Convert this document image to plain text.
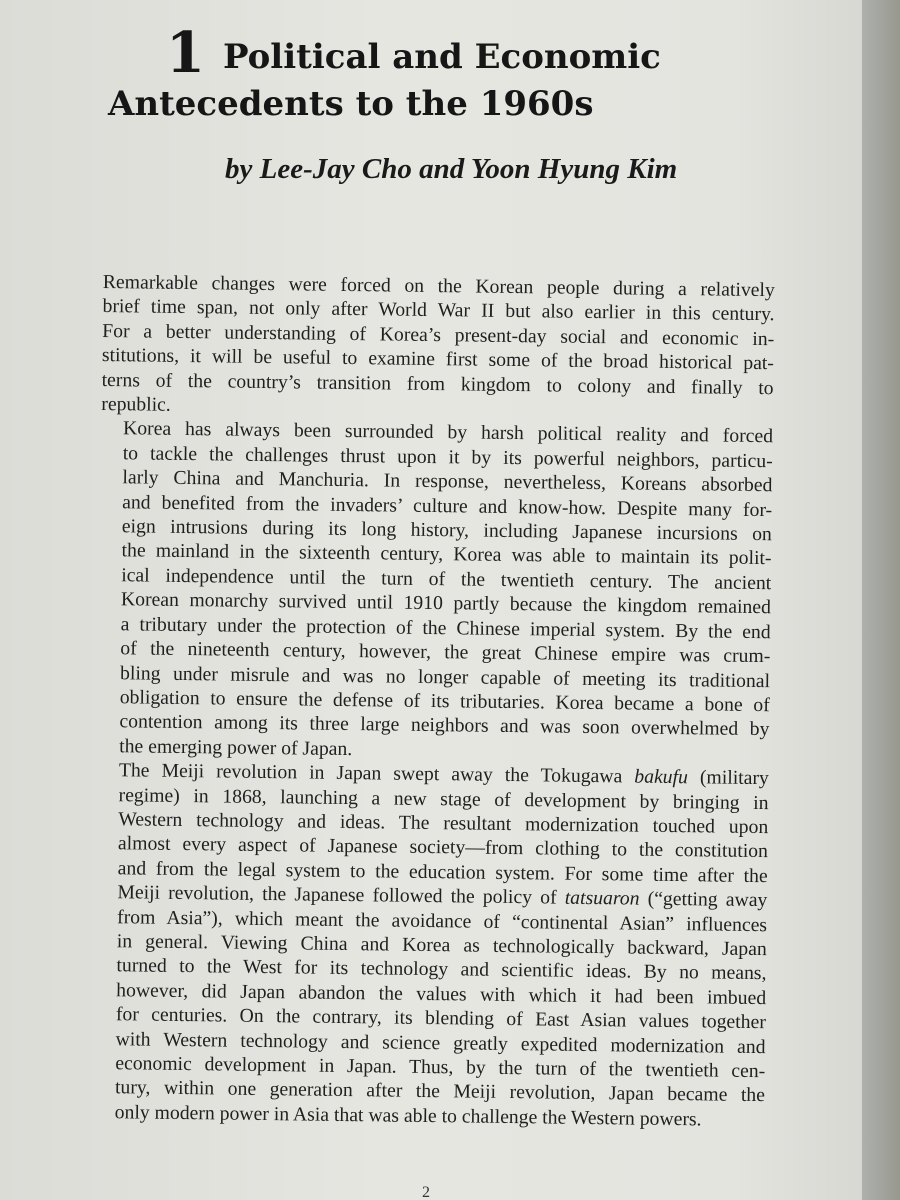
1 Political and Economic
Antecedents to the 1960s
by Lee-Jay Cho and Yoon Hyung Kim
Remarkable changes were forced on the Korean people during a relatively
brief time span, not only after World War II but also earlier in this century.
For a better understanding of Korea’s present-day social and economic in-
stitutions, it will be useful to examine first some of the broad historical pat-
terns of the country’s transition from kingdom to colony and finally to
republic.
Korea has always been surrounded by harsh political reality and forced
to tackle the challenges thrust upon it by its powerful neighbors, particu-
larly China and Manchuria. In response, nevertheless, Koreans absorbed
and benefited from the invaders’ culture and know-how. Despite many for-
eign intrusions during its long history, including Japanese incursions on
the mainland in the sixteenth century, Korea was able to maintain its polit-
ical independence until the turn of the twentieth century. The ancient
Korean monarchy survived until 1910 partly because the kingdom remained
a tributary under the protection of the Chinese imperial system. By the end
of the nineteenth century, however, the great Chinese empire was crum-
bling under misrule and was no longer capable of meeting its traditional
obligation to ensure the defense of its tributaries. Korea became a bone of
contention among its three large neighbors and was soon overwhelmed by
the emerging power of Japan.
The Meiji revolution in Japan swept away the Tokugawa bakufu (military
regime) in 1868, launching a new stage of development by bringing in
Western technology and ideas. The resultant modernization touched upon
almost every aspect of Japanese society—from clothing to the constitution
and from the legal system to the education system. For some time after the
Meiji revolution, the Japanese followed the policy of tatsuaron (“getting away
from Asia”), which meant the avoidance of “continental Asian” influences
in general. Viewing China and Korea as technologically backward, Japan
turned to the West for its technology and scientific ideas. By no means,
however, did Japan abandon the values with which it had been imbued
for centuries. On the contrary, its blending of East Asian values together
with Western technology and science greatly expedited modernization and
economic development in Japan. Thus, by the turn of the twentieth cen-
tury, within one generation after the Meiji revolution, Japan became the
only modern power in Asia that was able to challenge the Western powers.
2
